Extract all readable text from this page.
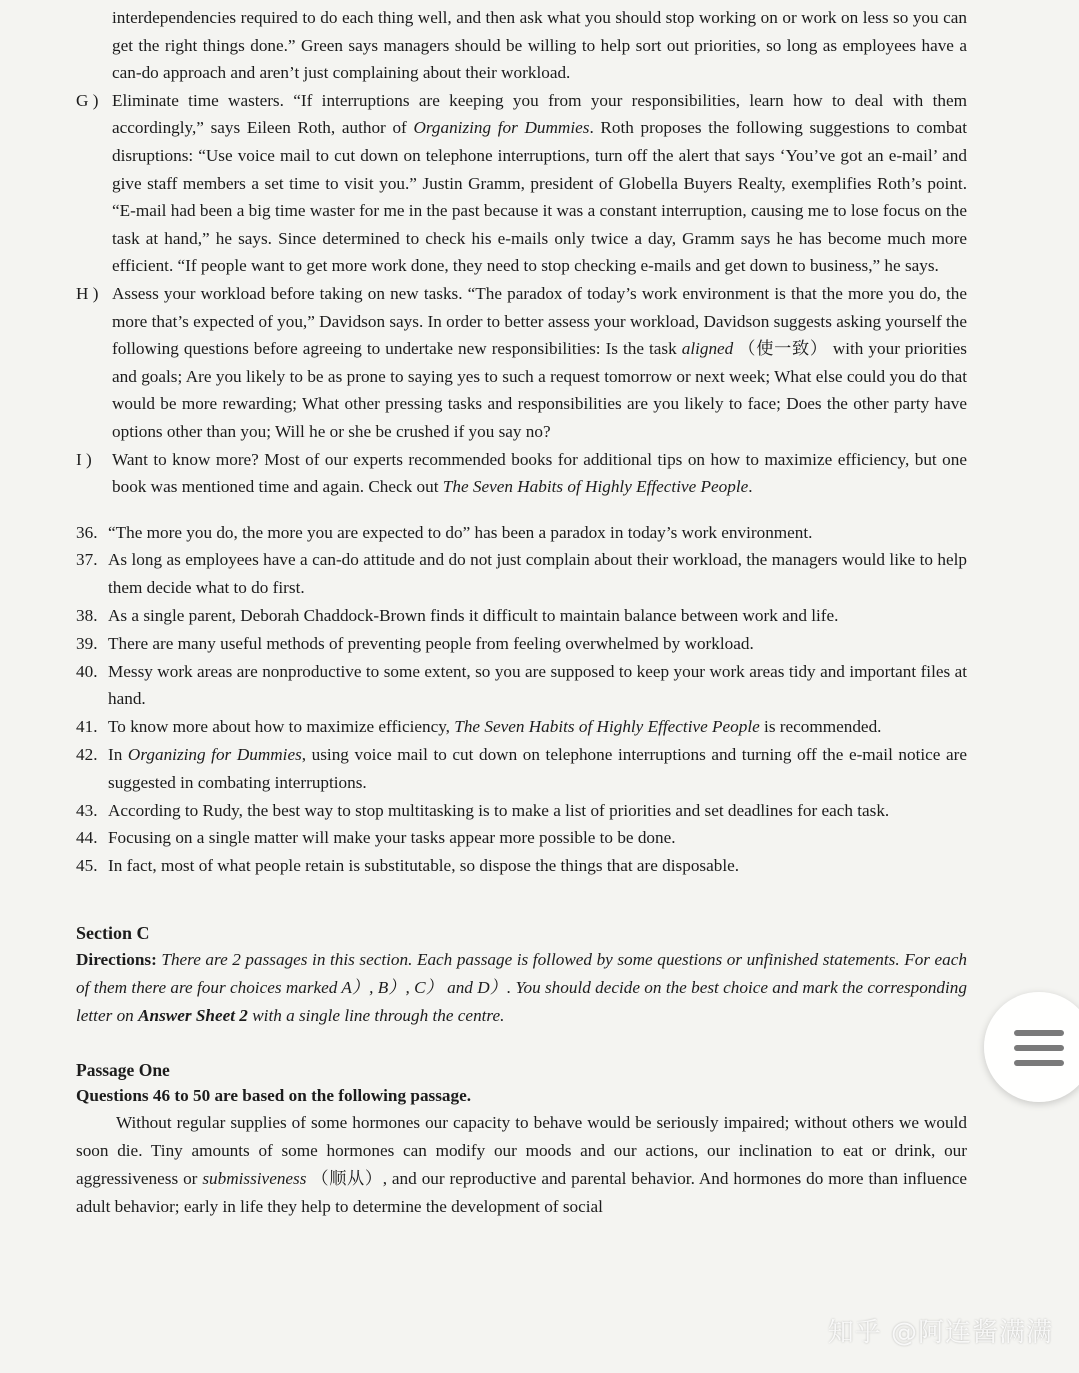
interdependencies required to do each thing well, and then ask what you should stop working on or work on less so you can get the right things done.” Green says managers should be willing to help sort out priorities, so long as employees have a can-do approach and aren’t just complaining about their workload.

G ) Eliminate time wasters. “If interruptions are keeping you from your responsibilities, learn how to deal with them accordingly,” says Eileen Roth, author of Organizing for Dummies. Roth proposes the following suggestions to combat disruptions: “Use voice mail to cut down on telephone interruptions, turn off the alert that says ‘You’ve got an e-mail’ and give staff members a set time to visit you.” Justin Gramm, president of Globella Buyers Realty, exemplifies Roth’s point. “E-mail had been a big time waster for me in the past because it was a constant interruption, causing me to lose focus on the task at hand,” he says. Since determined to check his e-mails only twice a day, Gramm says he has become much more efficient. “If people want to get more work done, they need to stop checking e-mails and get down to business,” he says.

H ) Assess your workload before taking on new tasks. “The paradox of today’s work environment is that the more you do, the more that’s expected of you,” Davidson says. In order to better assess your workload, Davidson suggests asking yourself the following questions before agreeing to undertake new responsibilities: Is the task aligned （使一致） with your priorities and goals; Are you likely to be as prone to saying yes to such a request tomorrow or next week; What else could you do that would be more rewarding; What other pressing tasks and responsibilities are you likely to face; Does the other party have options other than you; Will he or she be crushed if you say no?

I ) Want to know more? Most of our experts recommended books for additional tips on how to maximize efficiency, but one book was mentioned time and again. Check out The Seven Habits of Highly Effective People.

36. “The more you do, the more you are expected to do” has been a paradox in today’s work environment.

37. As long as employees have a can-do attitude and do not just complain about their workload, the managers would like to help them decide what to do first.

38. As a single parent, Deborah Chaddock-Brown finds it difficult to maintain balance between work and life.

39. There are many useful methods of preventing people from feeling overwhelmed by workload.

40. Messy work areas are nonproductive to some extent, so you are supposed to keep your work areas tidy and important files at hand.

41. To know more about how to maximize efficiency, The Seven Habits of Highly Effective People is recommended.

42. In Organizing for Dummies, using voice mail to cut down on telephone interruptions and turning off the e-mail notice are suggested in combating interruptions.

43. According to Rudy, the best way to stop multitasking is to make a list of priorities and set deadlines for each task.

44. Focusing on a single matter will make your tasks appear more possible to be done.

45. In fact, most of what people retain is substitutable, so dispose the things that are disposable.

Section C

Directions: There are 2 passages in this section. Each passage is followed by some questions or unfinished statements. For each of them there are four choices marked A）, B）, C） and D）. You should decide on the best choice and mark the corresponding letter on Answer Sheet 2 with a single line through the centre.

Passage One

Questions 46 to 50 are based on the following passage.

Without regular supplies of some hormones our capacity to behave would be seriously impaired; without others we would soon die. Tiny amounts of some hormones can modify our moods and our actions, our inclination to eat or drink, our aggressiveness or submissiveness （顺从）, and our reproductive and parental behavior. And hormones do more than influence adult behavior; early in life they help to determine the development of social

知乎 @阿连酱满满
